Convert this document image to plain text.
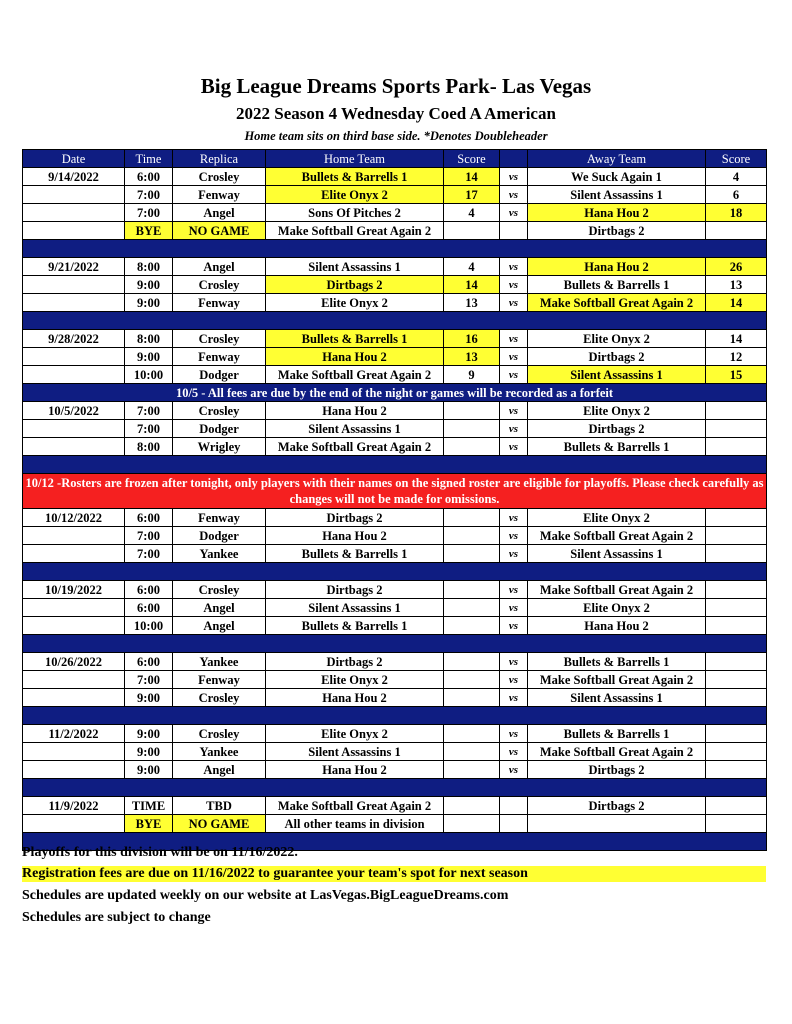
Big League Dreams Sports Park- Las Vegas
2022 Season 4 Wednesday Coed A American
Home team sits on third base side. *Denotes Doubleheader
Date	Time	Replica	Home Team	Score		Away Team	Score
9/14/2022	6:00	Crosley	Bullets & Barrells 1	14	vs	We Suck Again 1	4
	7:00	Fenway	Elite Onyx 2	17	vs	Silent Assassins 1	6
	7:00	Angel	Sons Of Pitches 2	4	vs	Hana Hou 2	18
	BYE	NO GAME	Make Softball Great Again 2			Dirtbags 2	

9/21/2022	8:00	Angel	Silent Assassins 1	4	vs	Hana Hou 2	26
	9:00	Crosley	Dirtbags 2	14	vs	Bullets & Barrells 1	13
	9:00	Fenway	Elite Onyx 2	13	vs	Make Softball Great Again 2	14

9/28/2022	8:00	Crosley	Bullets & Barrells 1	16	vs	Elite Onyx 2	14
	9:00	Fenway	Hana Hou 2	13	vs	Dirtbags 2	12
	10:00	Dodger	Make Softball Great Again 2	9	vs	Silent Assassins 1	15
10/5 - All fees are due by the end of the night or games will be recorded as a forfeit							
10/5/2022	7:00	Crosley	Hana Hou 2		vs	Elite Onyx 2	
	7:00	Dodger	Silent Assassins 1		vs	Dirtbags 2	
	8:00	Wrigley	Make Softball Great Again 2		vs	Bullets & Barrells 1	

10/12 -Rosters are frozen after tonight, only players with their names on the signed roster are eligible for playoffs. Please check carefully as changes will not be made for omissions.							
10/12/2022	6:00	Fenway	Dirtbags 2		vs	Elite Onyx 2	
	7:00	Dodger	Hana Hou 2		vs	Make Softball Great Again 2	
	7:00	Yankee	Bullets & Barrells 1		vs	Silent Assassins 1	

10/19/2022	6:00	Crosley	Dirtbags 2		vs	Make Softball Great Again 2	
	6:00	Angel	Silent Assassins 1		vs	Elite Onyx 2	
	10:00	Angel	Bullets & Barrells 1		vs	Hana Hou 2	

10/26/2022	6:00	Yankee	Dirtbags 2		vs	Bullets & Barrells 1	
	7:00	Fenway	Elite Onyx 2		vs	Make Softball Great Again 2	
	9:00	Crosley	Hana Hou 2		vs	Silent Assassins 1	

11/2/2022	9:00	Crosley	Elite Onyx 2		vs	Bullets & Barrells 1	
	9:00	Yankee	Silent Assassins 1		vs	Make Softball Great Again 2	
	9:00	Angel	Hana Hou 2		vs	Dirtbags 2	

11/9/2022	TIME	TBD	Make Softball Great Again 2			Dirtbags 2	
	BYE	NO GAME	All other teams in division				

Playoffs for this division will be on 11/16/2022.
Registration fees are due on 11/16/2022 to guarantee your team's spot for next season
Schedules are updated weekly on our website at LasVegas.BigLeagueDreams.com
Schedules are subject to change
